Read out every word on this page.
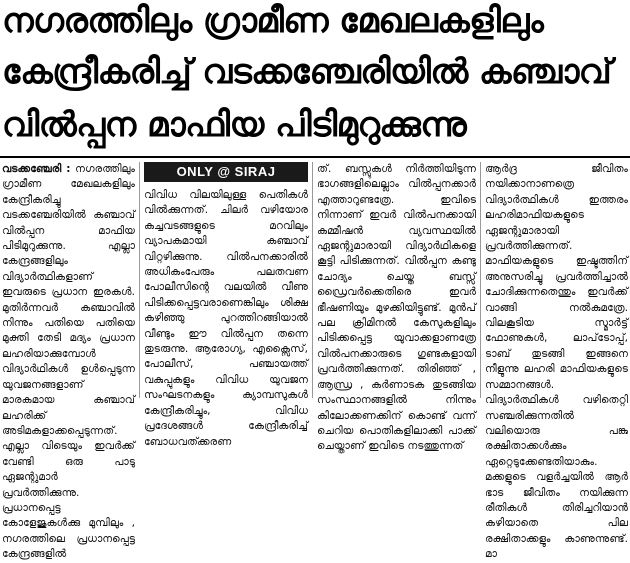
നഗരത്തിലും ഗ്രാമീണ മേഖലകളിലും
കേന്ദ്രീകരിച്ച് വടക്കഞ്ചേരിയിൽ കഞ്ചാവ്
വിൽപ്പന മാഫിയ പിടിമുറുക്കുന്നു

വടക്കഞ്ചേരി : നഗരത്തിലും ഗ്രാമീണ മേഖലകളിലും കേന്ദ്രീകരിച്ചു വടക്കഞ്ചേരിയിൽ കഞ്ചാവ് വിൽപ്പന മാഫിയ പിടിമുറുക്കുന്നു. എല്ലാ കേന്ദ്രങ്ങളിലും വിദ്യാർത്ഥികളാണ് ഇവരുടെ പ്രധാന ഇരകൾ. മുതിർന്നവർ കഞ്ചാവിൽ നിന്നും പതിയെ പതിയെ മുക്തി തേടി മദ്യം പ്രധാന ലഹരിയാക്കുമ്പോൾ വിദ്യാർഥികൾ ഉൾപ്പെടുന്ന യുവജനങ്ങളാണ് മാരകമായ കഞ്ചാവ് ലഹരിക്ക് അടിമകളാക്കപ്പെടുന്നത്. എല്ലാ വിടെയും ഇവർക്ക് വേണ്ടി ഒരു പാടു ഏജന്റുമാർ പ്രവർത്തിക്കുന്നു. പ്രധാനപ്പെട്ട കോളേജുകൾക്കു മുമ്പിലും , നഗരത്തിലെ പ്രധാനപ്പെട്ട കേന്ദ്രങ്ങളിൽ

ONLY @ SIRAJ

വിവിധ വിലയിലുള്ള പെതികൾ വിൽക്കുന്നത്. ചിലർ വഴിയോര കച്ചവടങ്ങളുടെ മറവിലും വ്യാപകമായി കഞ്ചാവ് വിറ്റഴിക്കുന്നു. വിൽപനക്കാരിൽ അധികംപേരും പലതവണ പോലീസിന്റെ വലയിൽ വീണു പിടിക്കപ്പെട്ടവരാണെങ്കിലും ശിക്ഷ കഴിഞ്ഞു പുറത്തിറങ്ങിയാൽ വീണ്ടും ഈ വിൽപ്പന തന്നെ തുടരുന്നു. ആരോഗ്യ, എക്സൈസ്, പോലീസ്, പഞ്ചായത്ത് വകുപ്പുകളും വിവിധ യുവജന സംഘടനകളും ക്യാമ്പസുകൾ കേന്ദ്രീകരിച്ചും, വിവിധ പ്രദേശങ്ങൾ കേന്ദ്രീകരിച്ച് ബോധവത്ക്കരണ

ത്. ബസ്സുകൾ നിർത്തിയിടുന്ന ഭാഗങ്ങളിലെല്ലാം വിൽപ്പനക്കാർ എത്താറുണ്ടത്രേ. ഇവിടെ നിന്നാണ് ഇവർ വിൽപനക്കായി കമ്മീഷൻ വ്യവസ്ഥയിൽ ഏജന്റുമാരായി വിദ്യാർഥികളെ കൂട്ടി പിടിക്കുന്നത്. വിൽപ്പന കണ്ടു ചോദ്യം ചെയ്ത ബസ്സ് ഡ്രൈവർക്കെതിരെ ഇവർ ഭീഷണിയും മുഴക്കിയിട്ടുണ്ട്. മുൻപ് പല ക്രിമിനൽ കേസുകളിലും പിടിക്കപ്പെട്ട യുവാക്കളാണത്രേ വിൽപനക്കാരുടെ ഗുണ്ടകളായി പ്രവർത്തിക്കുന്നത്. തിരിഞ്ഞ് , ആന്ധ്ര , കർണാടക തുടങ്ങിയ സംസ്ഥാനങ്ങളിൽ നിന്നും കിലോക്കണക്കിന് കൊണ്ട് വന്ന് ചെറിയ പൊതികളിലാക്കി പാക്ക് ചെയ്താണ് ഇവിടെ നടത്തുന്നത്

ആർദ്ര ജീവിതം നയിക്കാനാണത്രെ വിദ്യാർത്ഥികൾ ഇത്തരം ലഹരിമാഫിയകളുടെ ഏജന്റുമാരായി പ്രവർത്തിക്കുന്നത്. മാഫിയകളുടെ ഇഷ്ടത്തിന് അനുസരിച്ചു പ്രവർത്തിച്ചാൽ ചോദിക്കുന്നതെന്തും ഇവർക്ക് വാങ്ങി നൽകുമത്രേ. വിലകൂടിയ സ്മാർട്ട് ഫോണുകൾ, ലാപ്‌ടോപ്പ്, ടാബ് തുടങ്ങി ഇങ്ങനെ നീളുന്നു ലഹരി മാഫിയകളുടെ സമ്മാനങ്ങൾ. വിദ്യാർത്ഥികൾ വഴിതെറ്റി സഞ്ചരിക്കുന്നതിൽ വലിയൊരു പങ്കു രക്ഷിതാക്കൾക്കും ഏറ്റെടുക്കേണ്ടതിയാകും. മക്കളുടെ വളർച്ചയിൽ ആർ ഭാട ജീവിതം നയിക്കുന്ന രീതികൾ തിരിച്ചറിയാൻ കഴിയാതെ പില രക്ഷിതാക്കളും കാണുന്നുണ്ട്. മാ
